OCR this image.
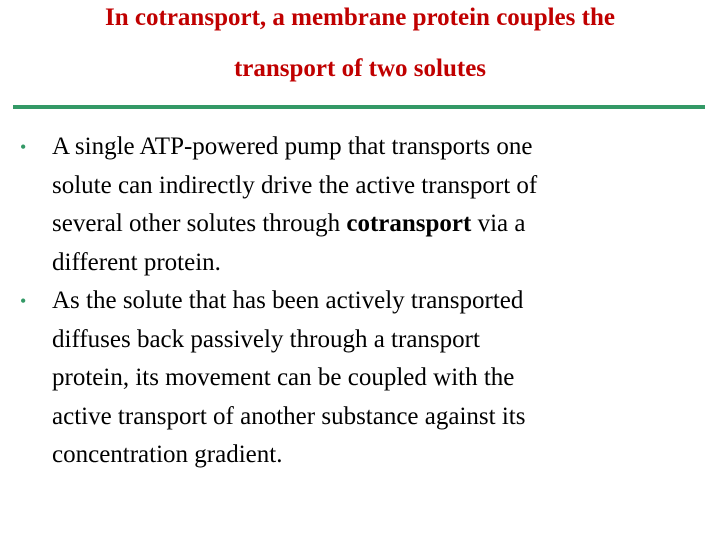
In cotransport, a membrane protein couples the
transport of two solutes
•	A single ATP-powered pump that transports one
solute can indirectly drive the active transport of
several other solutes through cotransport via a
different protein.
•	As the solute that has been actively transported
diffuses back passively through a transport
protein, its movement can be coupled with the
active transport of another substance against its
concentration gradient.
